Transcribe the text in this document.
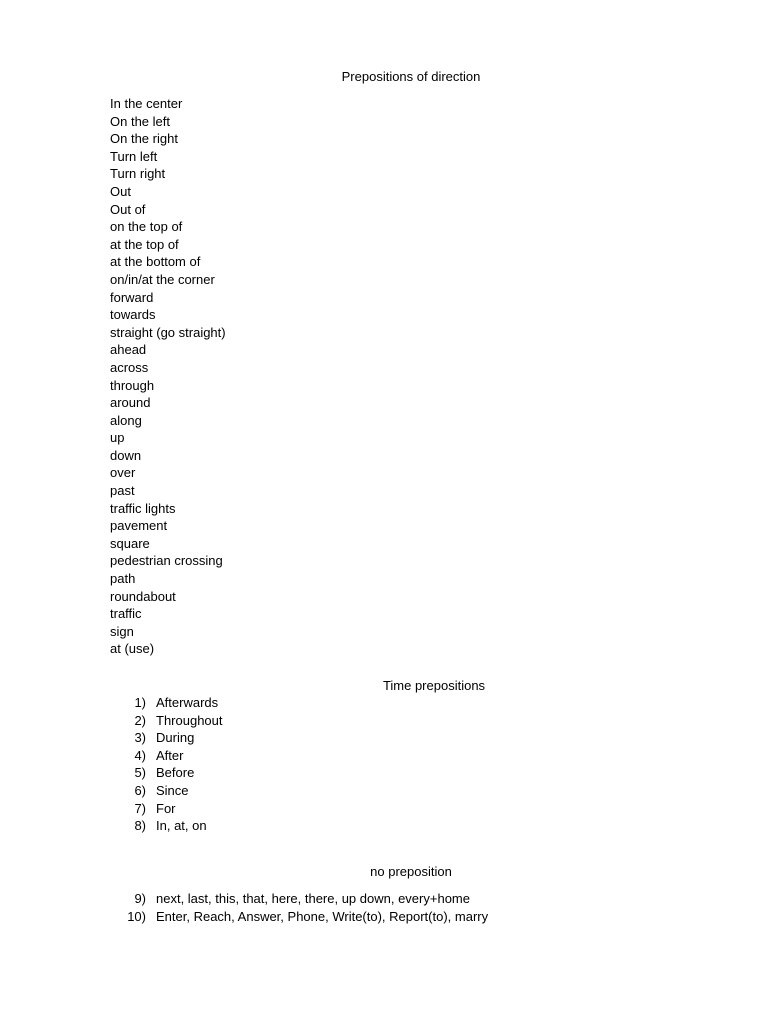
Prepositions of direction
In the center
On the left
On the right
Turn left
Turn right
Out
Out of
on the top of
at the top of
at the bottom of
on/in/at the corner
forward
towards
straight (go straight)
ahead
across
through
around
along
up
down
over
past
traffic lights
pavement
square
pedestrian crossing
path
roundabout
traffic
sign
at (use)
Time prepositions
1) Afterwards
2) Throughout
3) During
4) After
5) Before
6) Since
7) For
8) In, at, on
no preposition
9) next, last, this, that, here, there, up down, every+home
10) Enter, Reach, Answer, Phone, Write(to), Report(to), marry
